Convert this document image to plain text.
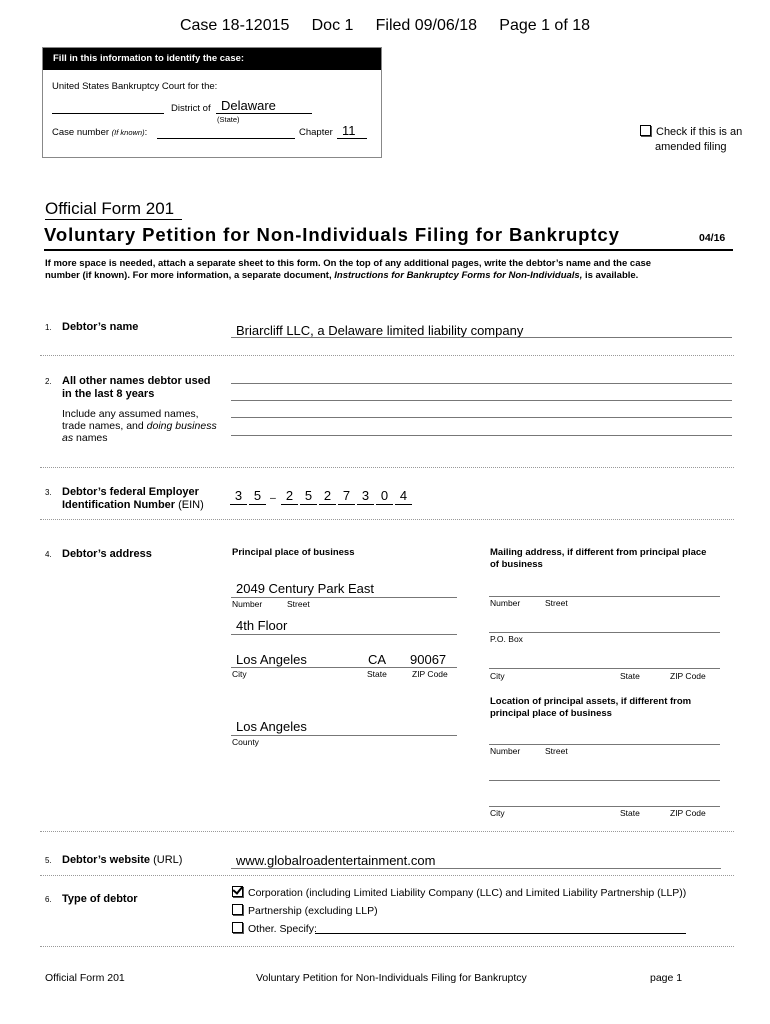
Case 18-12015     Doc 1     Filed 09/06/18     Page 1 of 18
Fill in this information to identify the case:
United States Bankruptcy Court for the:
District of Delaware
(State)
Case number (If known):	Chapter 11	Check if this is an
amended filing
Official Form 201
Voluntary Petition for Non-Individuals Filing for Bankruptcy	04/16
If more space is needed, attach a separate sheet to this form. On the top of any additional pages, write the debtor’s name and the case
number (if known). For more information, a separate document, Instructions for Bankruptcy Forms for Non-Individuals, is available.
1. Debtor’s name	Briarcliff LLC, a Delaware limited liability company
2. All other names debtor used
in the last 8 years
Include any assumed names,
trade names, and doing business
as names
3. Debtor’s federal Employer
Identification Number (EIN)
3 5 – 2 5 2 7 3 0 4
4. Debtor’s address	Principal place of business
2049 Century Park East
Number	Street
4th Floor
Los Angeles	CA 90067
City	State	ZIP Code
Los Angeles
County
Mailing address, if different from principal place
of business
Number	Street
P.O. Box
City	State	ZIP Code
Location of principal assets, if different from
principal place of business
Number	Street
City	State	ZIP Code
5. Debtor’s website (URL)	www.globalroadentertainment.com
6. Type of debtor	Corporation (including Limited Liability Company (LLC) and Limited Liability Partnership (LLP))
Partnership (excluding LLP)
Other. Specify:
Official Form 201	Voluntary Petition for Non-Individuals Filing for Bankruptcy	page 1
